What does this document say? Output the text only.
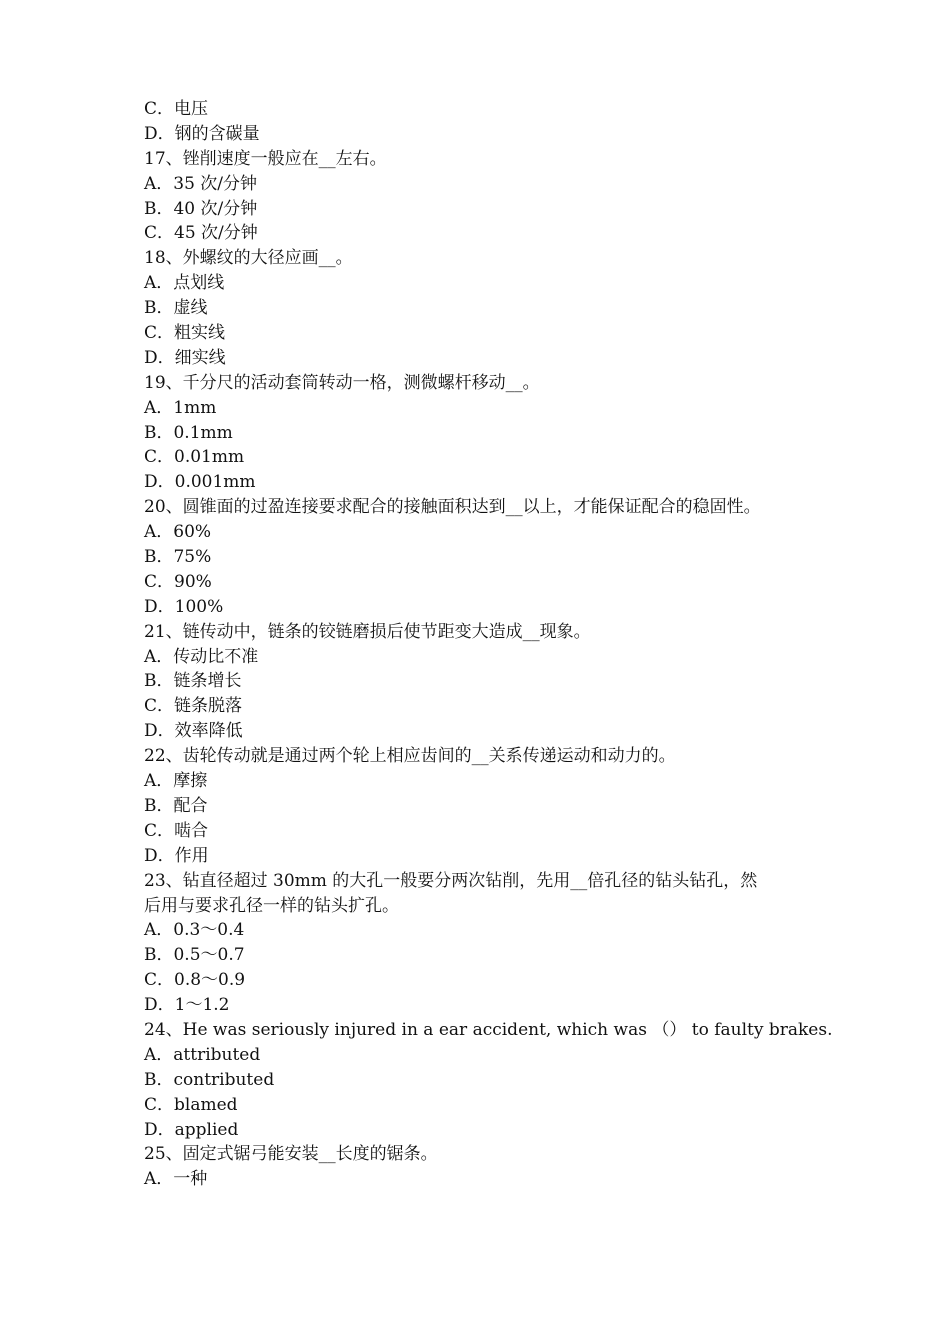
C．电压
D．钢的含碳量
17、锉削速度一般应在__左右。
A．35 次/分钟
B．40 次/分钟
C．45 次/分钟
18、外螺纹的大径应画__。
A．点划线
B．虚线
C．粗实线
D．细实线
19、千分尺的活动套筒转动一格，测微螺杆移动__。
A．1mm
B．0.1mm
C．0.01mm
D．0.001mm
20、圆锥面的过盈连接要求配合的接触面积达到__以上，才能保证配合的稳固性。
A．60%
B．75%
C．90%
D．100%
21、链传动中，链条的铰链磨损后使节距变大造成__现象。
A．传动比不准
B．链条增长
C．链条脱落
D．效率降低
22、齿轮传动就是通过两个轮上相应齿间的__关系传递运动和动力的。
A．摩擦
B．配合
C．啮合
D．作用
23、钻直径超过 30mm 的大孔一般要分两次钻削，先用__倍孔径的钻头钻孔，然
后用与要求孔径一样的钻头扩孔。
A．0.3～0.4
B．0.5～0.7
C．0.8～0.9
D．1～1.2
24、He was seriously injured in a ear accident, which was （） to faulty brakes.
A．attributed
B．contributed
C．blamed
D．applied
25、固定式锯弓能安装__长度的锯条。
A．一种
